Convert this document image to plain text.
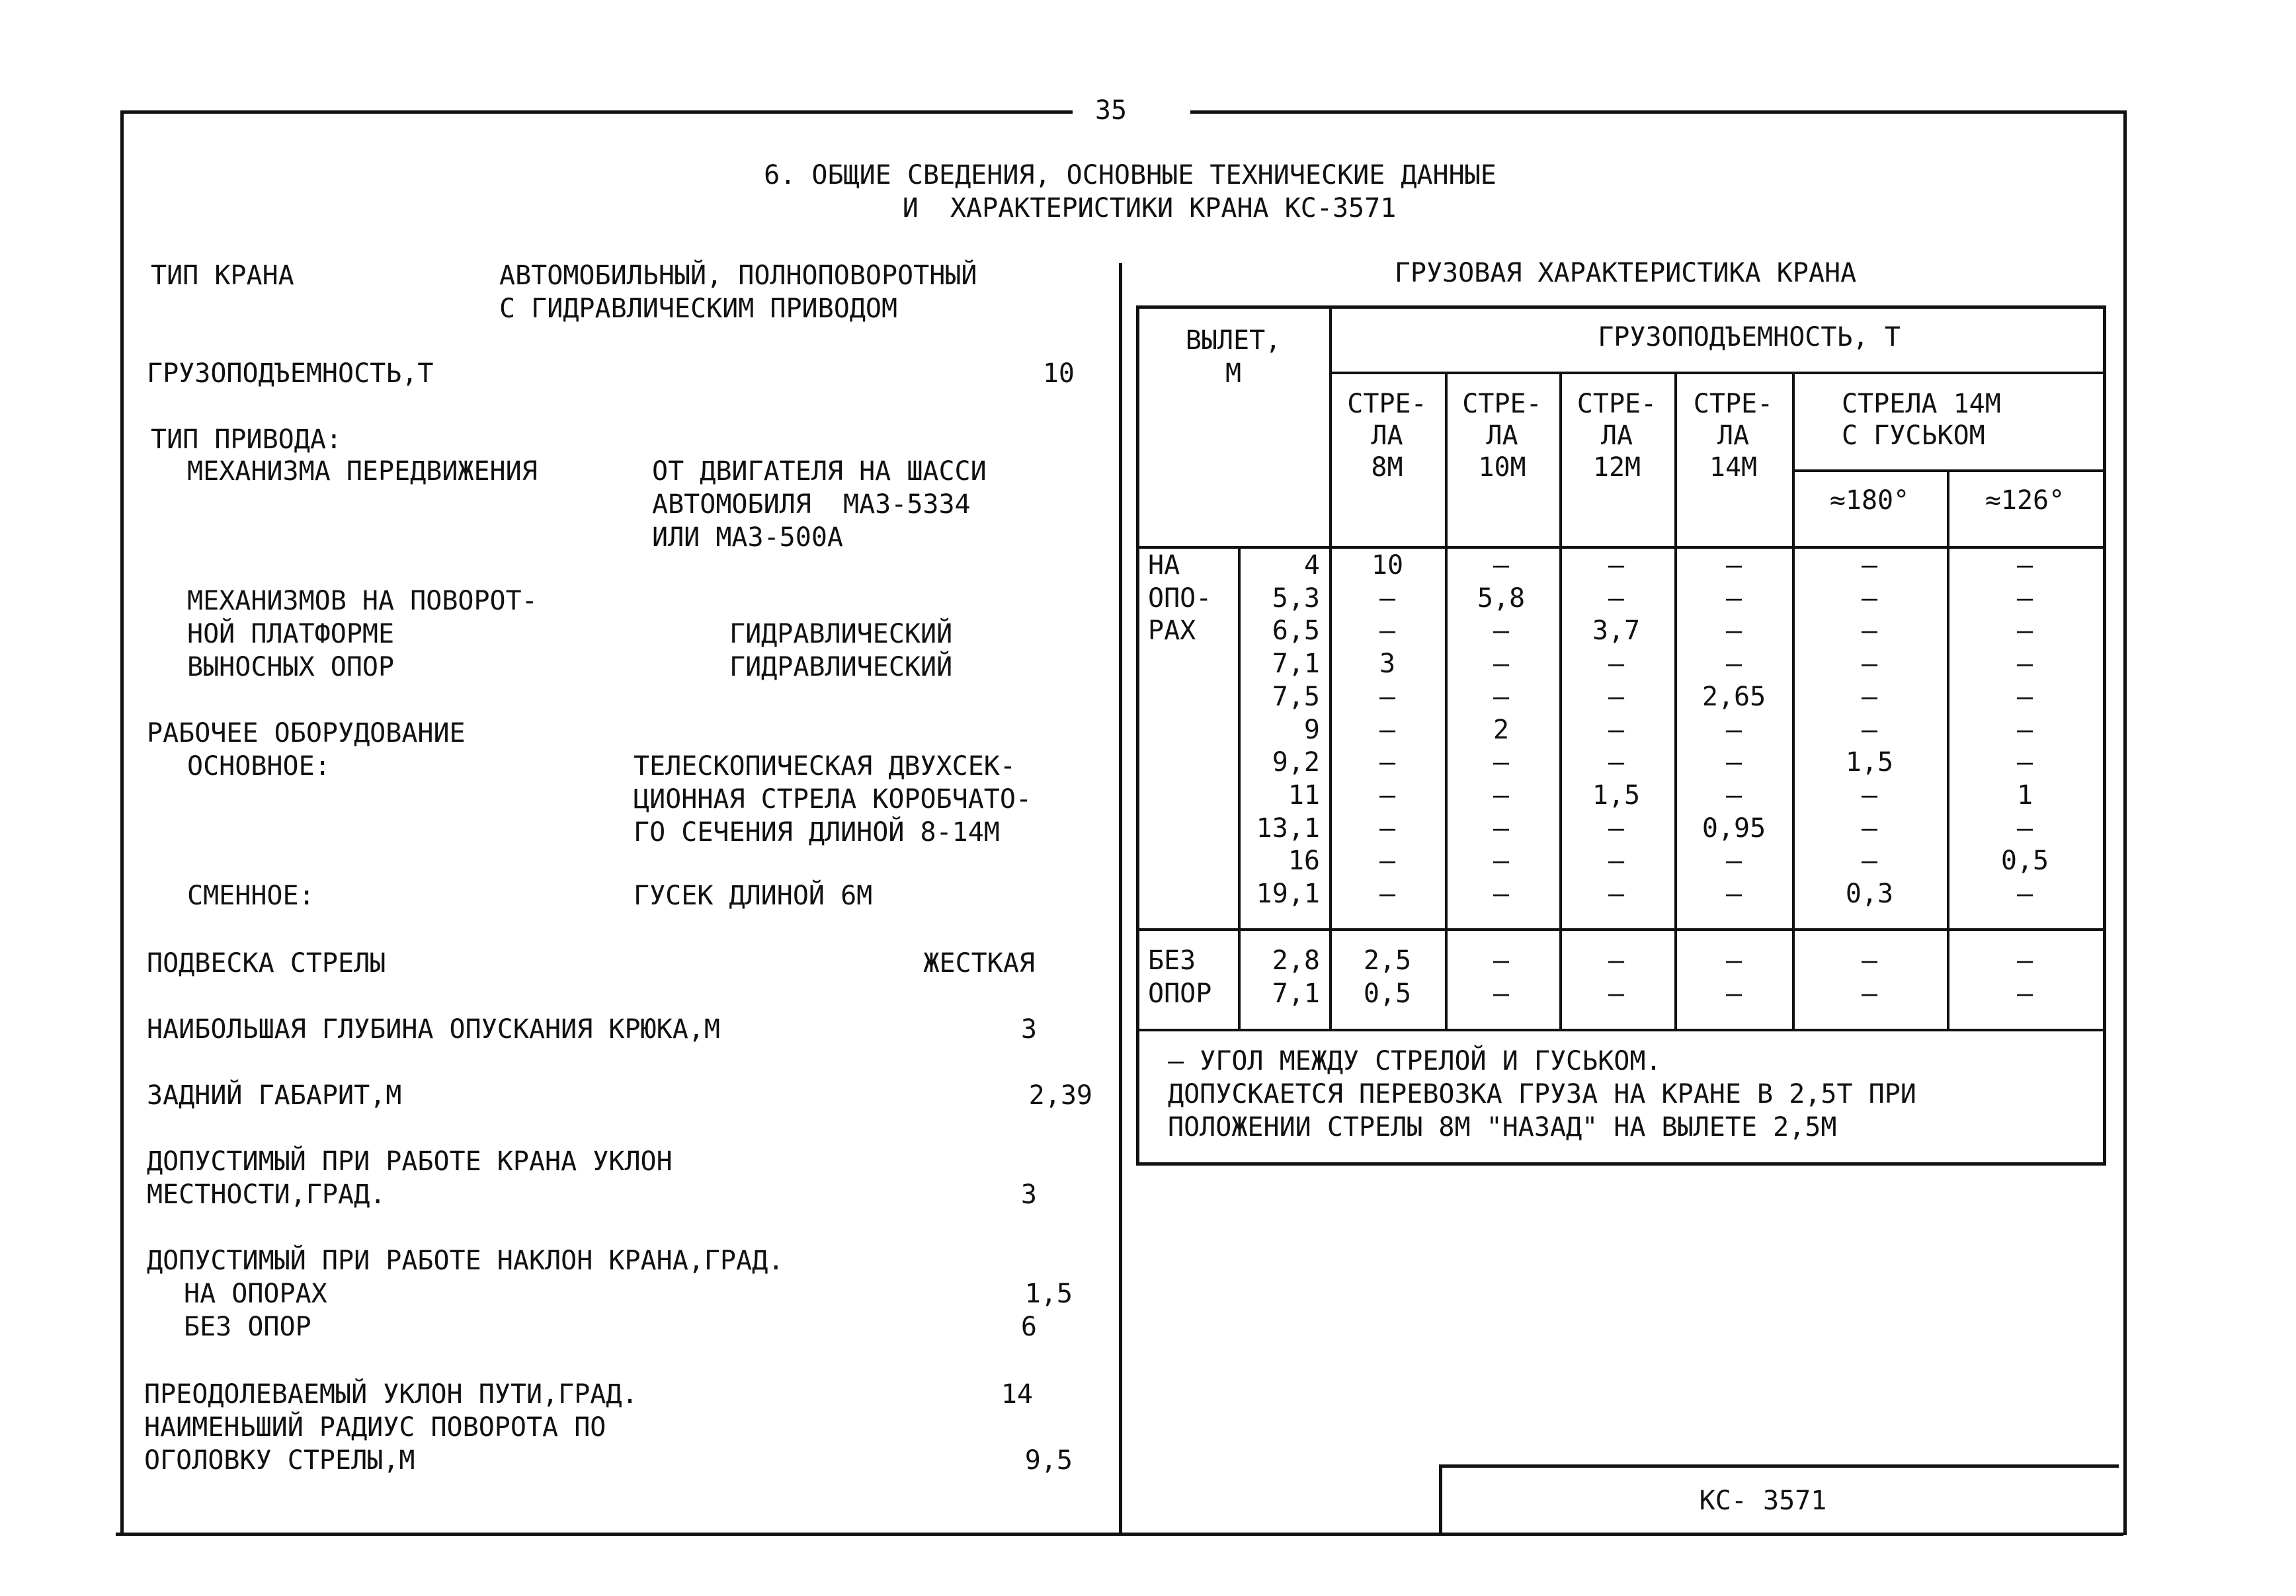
35
6. ОБЩИЕ СВЕДЕНИЯ, ОСНОВНЫЕ ТЕХНИЧЕСКИЕ ДАННЫЕ
И  ХАРАКТЕРИСТИКИ КРАНА КС-3571
ТИП КРАНА	АВТОМОБИЛЬНЫЙ, ПОЛНОПОВОРОТНЫЙ
С ГИДРАВЛИЧЕСКИМ ПРИВОДОМ
ГРУЗОПОДЪЕМНОСТЬ,Т	10
ТИП ПРИВОДА:
МЕХАНИЗМА ПЕРЕДВИЖЕНИЯ	ОТ ДВИГАТЕЛЯ НА ШАССИ
АВТОМОБИЛЯ  МАЗ-5334
ИЛИ МАЗ-500А
МЕХАНИЗМОВ НА ПОВОРОТ-
НОЙ ПЛАТФОРМЕ	ГИДРАВЛИЧЕСКИЙ
ВЫНОСНЫХ ОПОР	ГИДРАВЛИЧЕСКИЙ
РАБОЧЕЕ ОБОРУДОВАНИЕ
ОСНОВНОЕ:	ТЕЛЕСКОПИЧЕСКАЯ ДВУХСЕК-
ЦИОННАЯ СТРЕЛА КОРОБЧАТО-
ГО СЕЧЕНИЯ ДЛИНОЙ 8-14М
СМЕННОЕ:	ГУСЕК ДЛИНОЙ 6М
ПОДВЕСКА СТРЕЛЫ	ЖЕСТКАЯ
НАИБОЛЬШАЯ ГЛУБИНА ОПУСКАНИЯ КРЮКА,М	3
ЗАДНИЙ ГАБАРИТ,М	2,39
ДОПУСТИМЫЙ ПРИ РАБОТЕ КРАНА УКЛОН
МЕСТНОСТИ,ГРАД.	3
ДОПУСТИМЫЙ ПРИ РАБОТЕ НАКЛОН КРАНА,ГРАД.
НА ОПОРАХ	1,5
БЕЗ ОПОР	6
ПРЕОДОЛЕВАЕМЫЙ УКЛОН ПУТИ,ГРАД.	14
НАИМЕНЬШИЙ РАДИУС ПОВОРОТА ПО
ОГОЛОВКУ СТРЕЛЫ,М	9,5
ГРУЗОВАЯ ХАРАКТЕРИСТИКА КРАНА
ВЫЛЕТ,
М
ГРУЗОПОДЪЕМНОСТЬ, Т
СТРЕ-
ЛА
8М
СТРЕ-
ЛА
10М
СТРЕ-
ЛА
12М
СТРЕ-
ЛА
14М
СТРЕЛА 14М
С ГУСЬКОМ
≈180°	≈126°
НА
ОПО-
РАХ
4 10	–	–	–	–	–
5,3 –	5,8	–	–	–	–
6,5 –	–	3,7	–	–	–
7,1 3	–	–	–	–	–
7,5 –	–	–	2,65	–	–
9 –	2	–	–	–	–
9,2 –	–	–	–	1,5	–
11 –	–	1,5	–	–	1
13,1 –	–	–	0,95	–	–
16 –	–	–	–	–	0,5
19,1 –	–	–	–	0,3	–
БЕЗ
ОПОР
2,8 2,5	–	–	–	–	–
7,1 0,5	–	–	–	–	–
– УГОЛ МЕЖДУ СТРЕЛОЙ И ГУСЬКОМ.
ДОПУСКАЕТСЯ ПЕРЕВОЗКА ГРУЗА НА КРАНЕ В 2,5Т ПРИ
ПОЛОЖЕНИИ СТРЕЛЫ 8М "НАЗАД" НА ВЫЛЕТЕ 2,5М
КС- 3571
